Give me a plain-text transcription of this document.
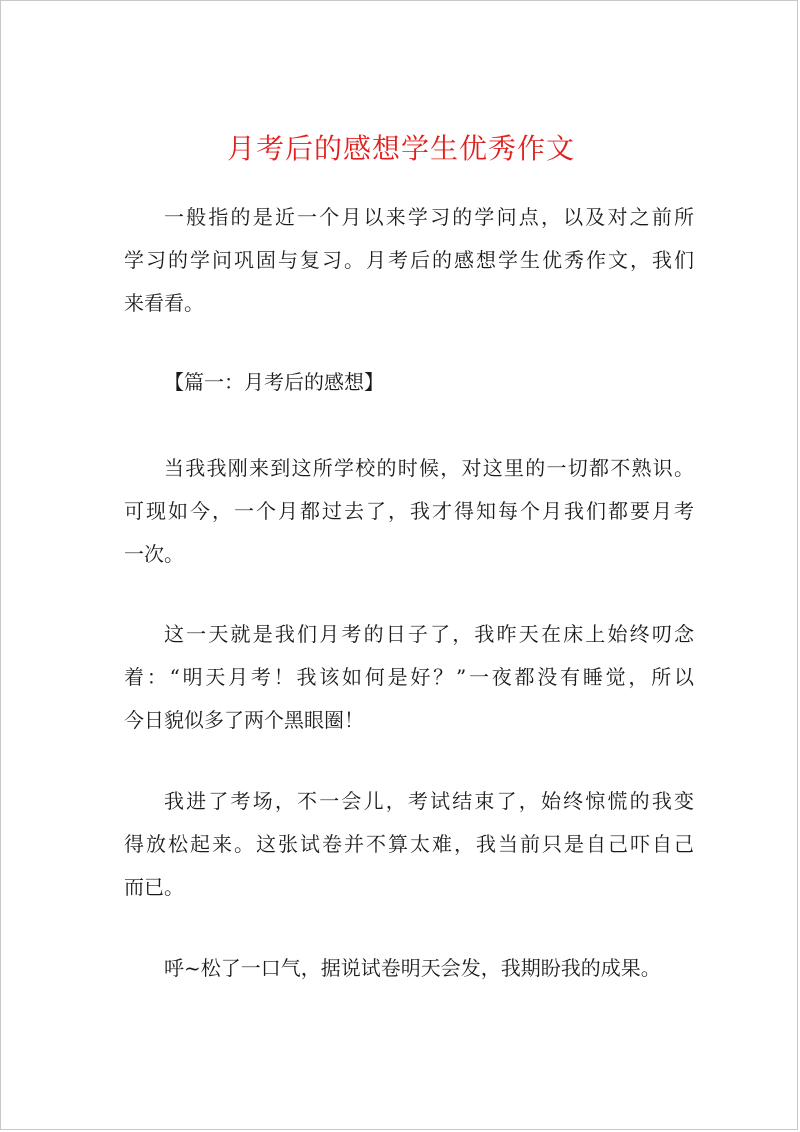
月考后的感想学生优秀作文

一般指的是近一个月以来学习的学问点，以及对之前所
学习的学问巩固与复习。月考后的感想学生优秀作文，我们
来看看。

【篇一：月考后的感想】

当我我刚来到这所学校的时候，对这里的一切都不熟识。
可现如今，一个月都过去了，我才得知每个月我们都要月考
一次。

这一天就是我们月考的日子了，我昨天在床上始终叨念
着：“明天月考！我该如何是好？”一夜都没有睡觉，所以
今日貌似多了两个黑眼圈！

我进了考场，不一会儿，考试结束了，始终惊慌的我变
得放松起来。这张试卷并不算太难，我当前只是自己吓自己
而已。

呼~松了一口气，据说试卷明天会发，我期盼我的成果。
